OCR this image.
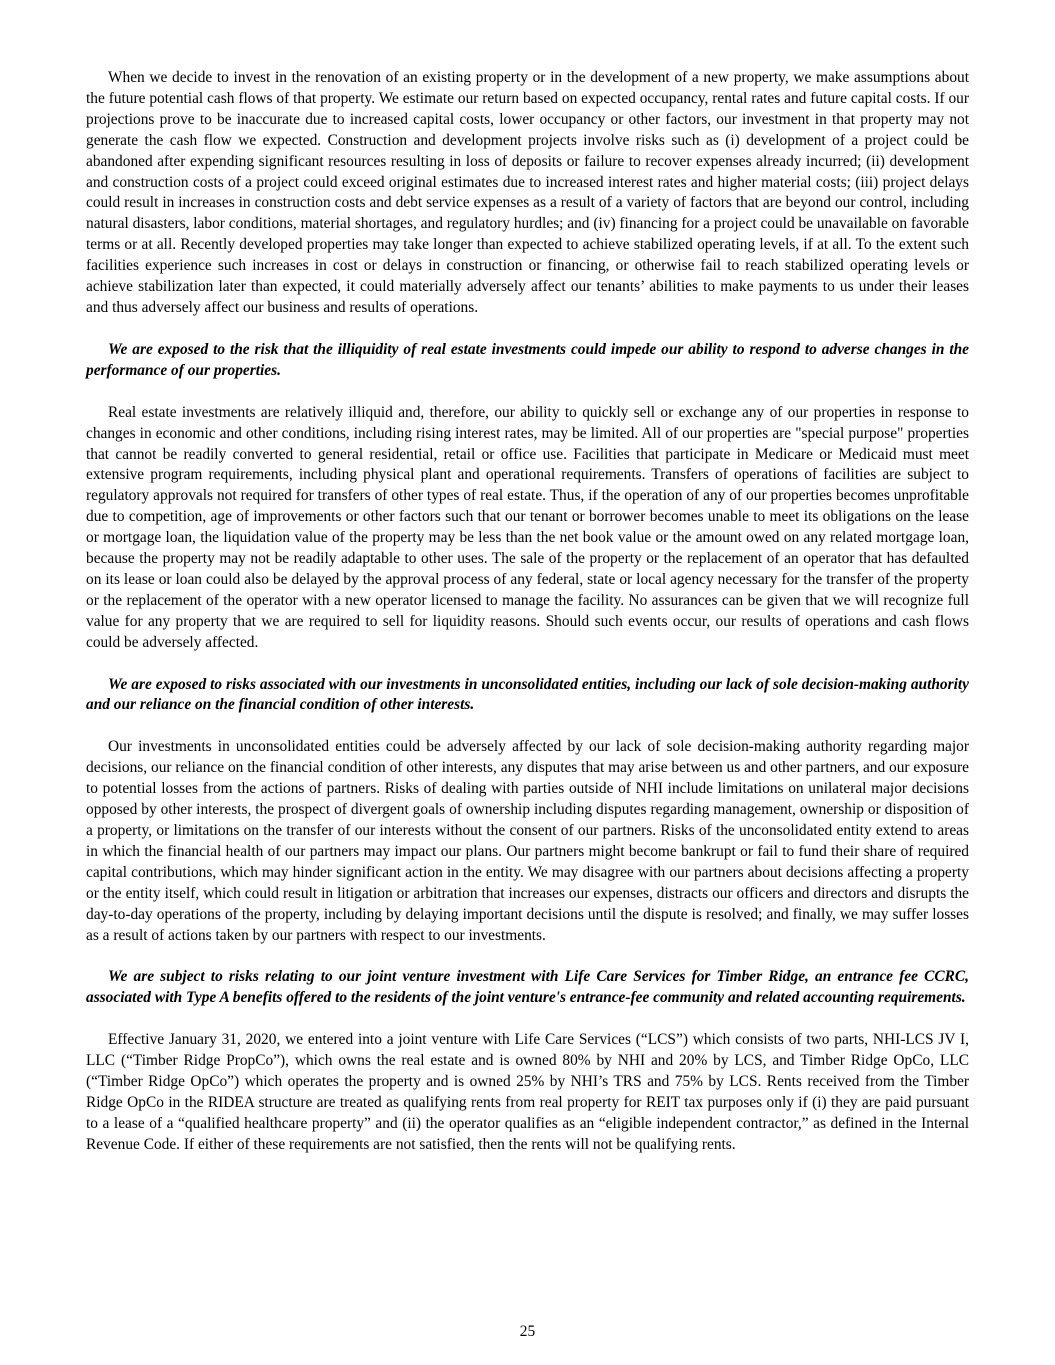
When we decide to invest in the renovation of an existing property or in the development of a new property, we make assumptions about the future potential cash flows of that property. We estimate our return based on expected occupancy, rental rates and future capital costs. If our projections prove to be inaccurate due to increased capital costs, lower occupancy or other factors, our investment in that property may not generate the cash flow we expected. Construction and development projects involve risks such as (i) development of a project could be abandoned after expending significant resources resulting in loss of deposits or failure to recover expenses already incurred; (ii) development and construction costs of a project could exceed original estimates due to increased interest rates and higher material costs; (iii) project delays could result in increases in construction costs and debt service expenses as a result of a variety of factors that are beyond our control, including natural disasters, labor conditions, material shortages, and regulatory hurdles; and (iv) financing for a project could be unavailable on favorable terms or at all. Recently developed properties may take longer than expected to achieve stabilized operating levels, if at all. To the extent such facilities experience such increases in cost or delays in construction or financing, or otherwise fail to reach stabilized operating levels or achieve stabilization later than expected, it could materially adversely affect our tenants’ abilities to make payments to us under their leases and thus adversely affect our business and results of operations.

We are exposed to the risk that the illiquidity of real estate investments could impede our ability to respond to adverse changes in the performance of our properties.

Real estate investments are relatively illiquid and, therefore, our ability to quickly sell or exchange any of our properties in response to changes in economic and other conditions, including rising interest rates, may be limited. All of our properties are "special purpose" properties that cannot be readily converted to general residential, retail or office use. Facilities that participate in Medicare or Medicaid must meet extensive program requirements, including physical plant and operational requirements. Transfers of operations of facilities are subject to regulatory approvals not required for transfers of other types of real estate. Thus, if the operation of any of our properties becomes unprofitable due to competition, age of improvements or other factors such that our tenant or borrower becomes unable to meet its obligations on the lease or mortgage loan, the liquidation value of the property may be less than the net book value or the amount owed on any related mortgage loan, because the property may not be readily adaptable to other uses. The sale of the property or the replacement of an operator that has defaulted on its lease or loan could also be delayed by the approval process of any federal, state or local agency necessary for the transfer of the property or the replacement of the operator with a new operator licensed to manage the facility. No assurances can be given that we will recognize full value for any property that we are required to sell for liquidity reasons. Should such events occur, our results of operations and cash flows could be adversely affected.

We are exposed to risks associated with our investments in unconsolidated entities, including our lack of sole decision-making authority and our reliance on the financial condition of other interests.

Our investments in unconsolidated entities could be adversely affected by our lack of sole decision-making authority regarding major decisions, our reliance on the financial condition of other interests, any disputes that may arise between us and other partners, and our exposure to potential losses from the actions of partners. Risks of dealing with parties outside of NHI include limitations on unilateral major decisions opposed by other interests, the prospect of divergent goals of ownership including disputes regarding management, ownership or disposition of a property, or limitations on the transfer of our interests without the consent of our partners. Risks of the unconsolidated entity extend to areas in which the financial health of our partners may impact our plans. Our partners might become bankrupt or fail to fund their share of required capital contributions, which may hinder significant action in the entity. We may disagree with our partners about decisions affecting a property or the entity itself, which could result in litigation or arbitration that increases our expenses, distracts our officers and directors and disrupts the day-to-day operations of the property, including by delaying important decisions until the dispute is resolved; and finally, we may suffer losses as a result of actions taken by our partners with respect to our investments.

We are subject to risks relating to our joint venture investment with Life Care Services for Timber Ridge, an entrance fee CCRC, associated with Type A benefits offered to the residents of the joint venture's entrance-fee community and related accounting requirements.

Effective January 31, 2020, we entered into a joint venture with Life Care Services (“LCS”) which consists of two parts, NHI-LCS JV I, LLC (“Timber Ridge PropCo”), which owns the real estate and is owned 80% by NHI and 20% by LCS, and Timber Ridge OpCo, LLC (“Timber Ridge OpCo”) which operates the property and is owned 25% by NHI’s TRS and 75% by LCS. Rents received from the Timber Ridge OpCo in the RIDEA structure are treated as qualifying rents from real property for REIT tax purposes only if (i) they are paid pursuant to a lease of a “qualified healthcare property” and (ii) the operator qualifies as an “eligible independent contractor,” as defined in the Internal Revenue Code. If either of these requirements are not satisfied, then the rents will not be qualifying rents.

25
